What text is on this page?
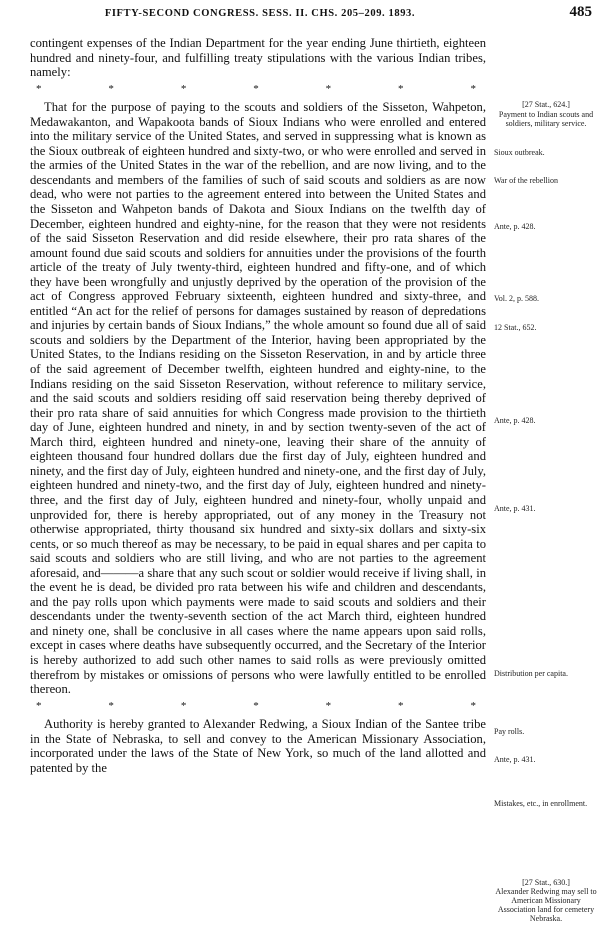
FIFTY-SECOND CONGRESS. SESS. II. CHS. 205–209. 1893.	485

contingent expenses of the Indian Department for the year ending June thirtieth, eighteen hundred and ninety-four, and fulfilling treaty stipulations with the various Indian tribes, namely:

*	*	*	*	*	*	*

That for the purpose of paying to the scouts and soldiers of the Sisseton, Wahpeton, Medawakanton, and Wapakoota bands of Sioux Indians who were enrolled and entered into the military service of the United States, and served in suppressing what is known as the Sioux outbreak of eighteen hundred and sixty-two, or who were enrolled and served in the armies of the United States in the war of the rebellion, and are now living, and to the descendants and members of the families of such of said scouts and soldiers as are now dead, who were not parties to the agreement entered into between the United States and the Sisseton and Wahpeton bands of Dakota and Sioux Indians on the twelfth day of December, eighteen hundred and eighty-nine, for the reason that they were not residents of the said Sisseton Reservation and did reside elsewhere, their pro rata shares of the amount found due said scouts and soldiers for annuities under the provisions of the fourth article of the treaty of July twenty-third, eighteen hundred and fifty-one, and of which they have been wrongfully and unjustly deprived by the operation of the provision of the act of Congress approved February sixteenth, eighteen hundred and sixty-three, and entitled “An act for the relief of persons for damages sustained by reason of depredations and injuries by certain bands of Sioux Indians,” the whole amount so found due all of said scouts and soldiers by the Department of the Interior, having been appropriated by the United States, to the Indians residing on the Sisseton Reservation, in and by article three of the said agreement of December twelfth, eighteen hundred and eighty-nine, to the Indians residing on the said Sisseton Reservation, without reference to military service, and the said scouts and soldiers residing off said reservation being thereby deprived of their pro rata share of said annuities for which Congress made provision to the thirtieth day of June, eighteen hundred and ninety, in and by section twenty-seven of the act of March third, eighteen hundred and ninety-one, leaving their share of the annuity of eighteen thousand four hundred dollars due the first day of July, eighteen hundred and ninety, and the first day of July, eighteen hundred and ninety-one, and the first day of July, eighteen hundred and ninety-two, and the first day of July, eighteen hundred and ninety-three, and the first day of July, eighteen hundred and ninety-four, wholly unpaid and unprovided for, there is hereby appropriated, out of any money in the Treasury not otherwise appropriated, thirty thousand six hundred and sixty-six dollars and sixty-six cents, or so much thereof as may be necessary, to be paid in equal shares and per capita to said scouts and soldiers who are still living, and who are not parties to the agreement aforesaid, and———a share that any such scout or soldier would receive if living shall, in the event he is dead, be divided pro rata between his wife and children and descendants, and the pay rolls upon which payments were made to said scouts and soldiers and their descendants under the twenty-seventh section of the act March third, eighteen hundred and ninety one, shall be conclusive in all cases where the name appears upon said rolls, except in cases where deaths have subsequently occurred, and the Secretary of the Interior is hereby authorized to add such other names to said rolls as were previously omitted therefrom by mistakes or omissions of persons who were lawfully entitled to be enrolled thereon.

*	*	*	*	*	*	*

Authority is hereby granted to Alexander Redwing, a Sioux Indian of the Santee tribe in the State of Nebraska, to sell and convey to the American Missionary Association, incorporated under the laws of the State of New York, so much of the land allotted and patented by the

[27 Stat., 624.]
Payment to Indian scouts and soldiers, military service.
Sioux outbreak.
War of the rebellion
Ante, p. 428.
Vol. 2, p. 588.
12 Stat., 652.
Ante, p. 428.
Ante, p. 431.
Distribution per capita.
Pay rolls.
Ante, p. 431.
Mistakes, etc., in enrollment.
[27 Stat., 630.]
Alexander Redwing may sell to American Missionary Association land for cemetery Nebraska.
